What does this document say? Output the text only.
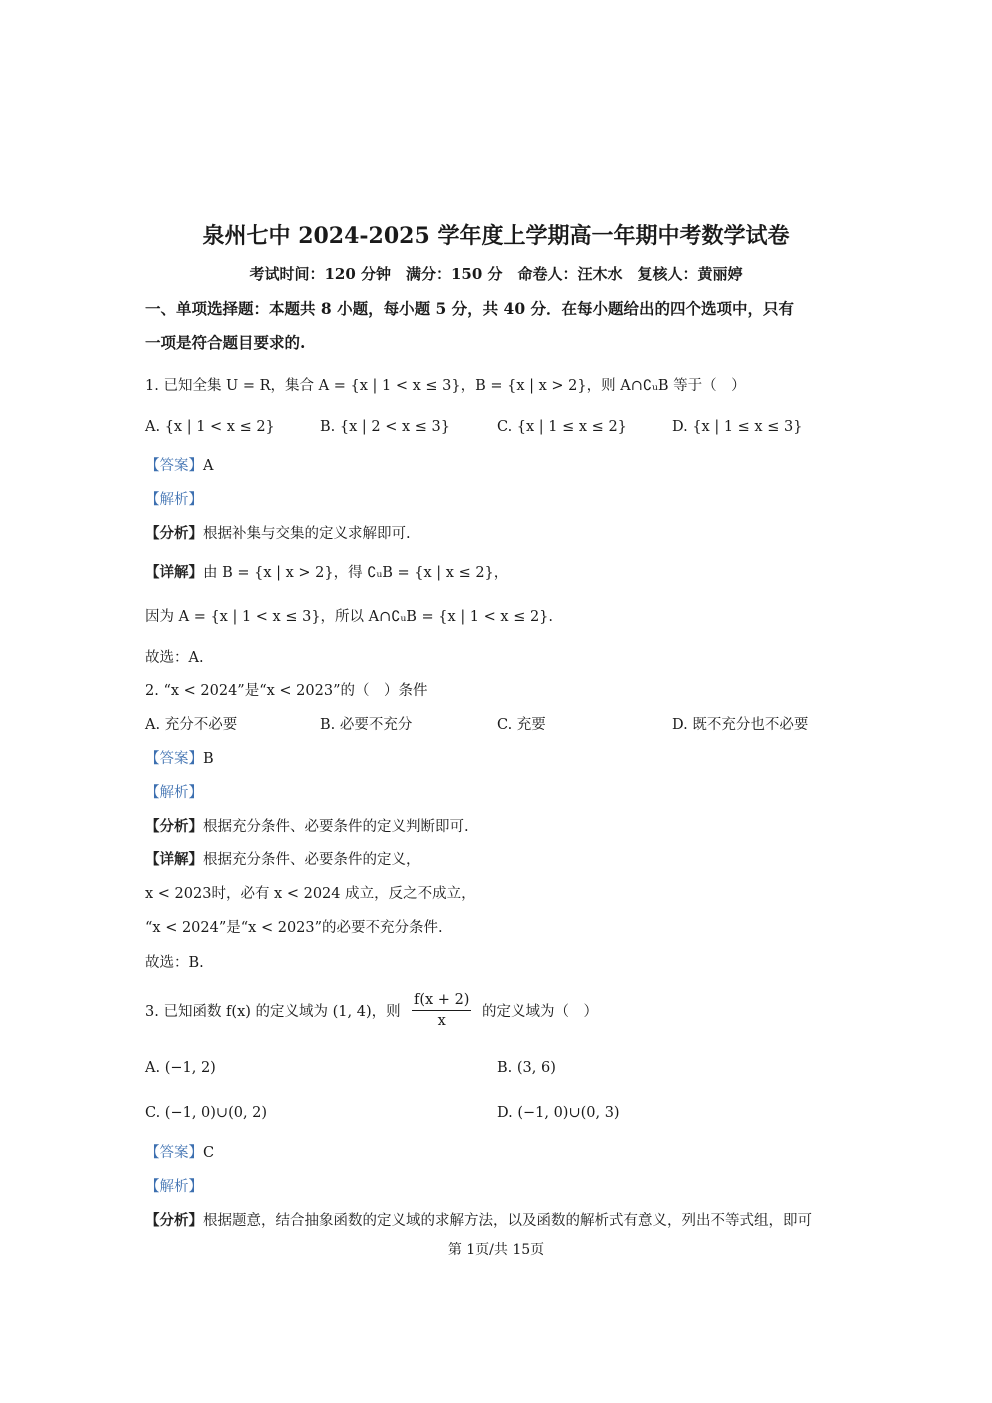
泉州七中 2024-2025 学年度上学期高一年期中考数学试卷
考试时间：120 分钟　满分：150 分　命卷人：汪木水　复核人：黄丽婷
一、单项选择题：本题共 8 小题，每小题 5 分，共 40 分．在每小题给出的四个选项中，只有
一项是符合题目要求的.
1. 已知全集 U = R，集合 A = {x | 1 < x ≤ 3}，B = {x | x > 2}，则 A∩∁ᵤB 等于（　）
A. {x | 1 < x ≤ 2}	B. {x | 2 < x ≤ 3}	C. {x | 1 ≤ x ≤ 2}	D. {x | 1 ≤ x ≤ 3}
【答案】A
【解析】
【分析】根据补集与交集的定义求解即可.
【详解】由 B = {x | x > 2}，得 ∁ᵤB = {x | x ≤ 2}，
因为 A = {x | 1 < x ≤ 3}，所以 A∩∁ᵤB = {x | 1 < x ≤ 2}.
故选：A.
2. “x < 2024”是“x < 2023”的（　）条件
A. 充分不必要	B. 必要不充分	C. 充要	D. 既不充分也不必要
【答案】B
【解析】
【分析】根据充分条件、必要条件的定义判断即可.
【详解】根据充分条件、必要条件的定义，
x < 2023时，必有 x < 2024 成立，反之不成立，
“x < 2024”是“x < 2023”的必要不充分条件.
故选：B.
3. 已知函数 f(x) 的定义域为 (1, 4)，则 $\frac{f(x + 2)}{x}$ 的定义域为（　）
A. (−1, 2)	B. (3, 6)
C. (−1, 0)∪(0, 2)	D. (−1, 0)∪(0, 3)
【答案】C
【解析】
【分析】根据题意，结合抽象函数的定义域的求解方法，以及函数的解析式有意义，列出不等式组，即可
第 1页/共 15页
